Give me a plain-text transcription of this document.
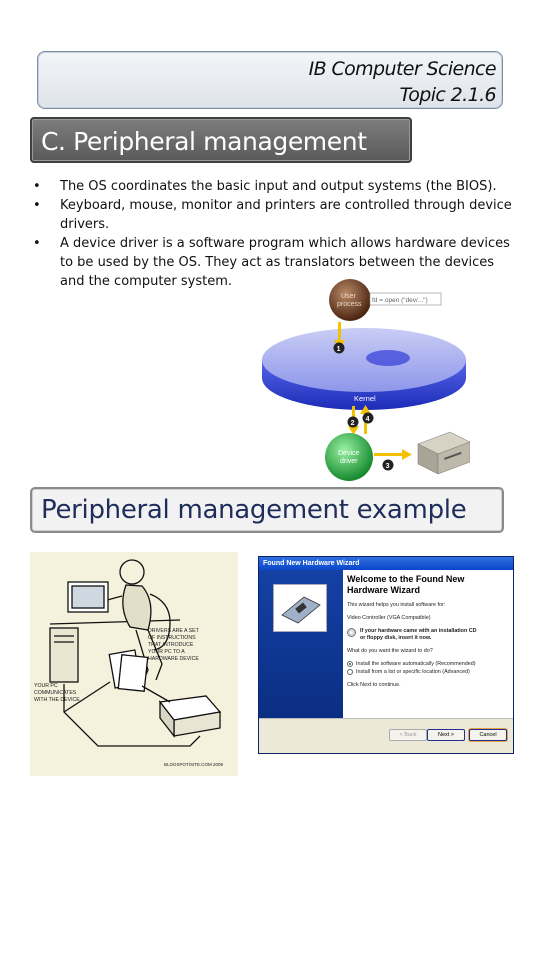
IB Computer Science
Topic 2.1.6
C. Peripheral management
•	The OS coordinates the basic input and output systems (the BIOS).
•	Keyboard, mouse, monitor and printers are controlled through device drivers.
•	A device driver is a software program which allows hardware devices to be used by the OS. They act as translators between the devices and the computer system.
Kernel
User
process
fd = open ("dev/...")
1
2
4
Device
driver
3
Peripheral management example
DRIVERS ARE A SET
OF INSTRUCTIONS
THAT INTRODUCE
YOUR PC TO A
HARDWARE DEVICE
YOUR PC
COMMUNICATES
WITH THE DEVICE
BLOGSPOT/SITE.COM 2009
Found New Hardware Wizard
Welcome to the Found New
Hardware Wizard
This wizard helps you install software for:
Video Controller (VGA Compatible)
If your hardware came with an installation CD
or floppy disk, insert it now.
What do you want the wizard to do?
Install the software automatically (Recommended)
Install from a list or specific location (Advanced)
Click Next to continue.
< Back	Next >	Cancel
